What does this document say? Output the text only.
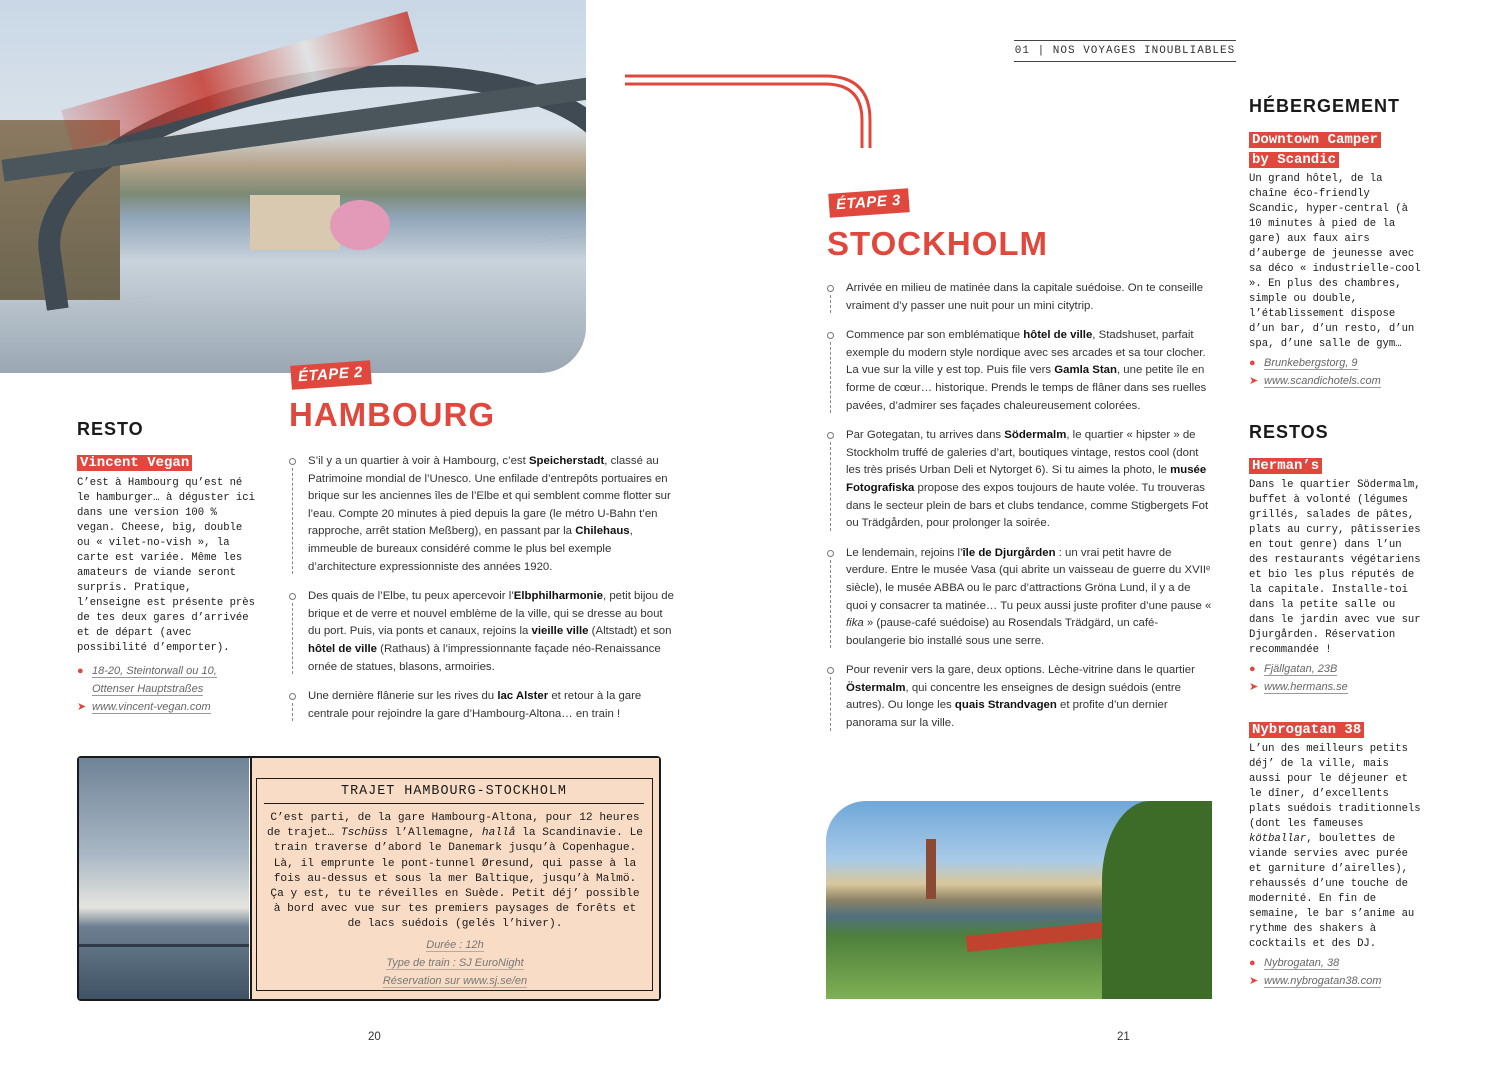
ÉTAPE 2
HAMBOURG
RESTO
Vincent Vegan
C’est à Hambourg qu’est né le hamburger… à déguster ici dans une version 100 % vegan. Cheese, big, double ou « vilet-no-vish », la carte est variée. Même les amateurs de viande seront surpris. Pratique, l’enseigne est présente près de tes deux gares d’arrivée et de départ (avec possibilité d’emporter).
● 18-20, Steintorwall ou 10,
Ottenser Hauptstraßes
➤ www.vincent-vegan.com
S’il y a un quartier à voir à Hambourg, c’est Speicherstadt, classé au Patrimoine mondial de l’Unesco. Une enfilade d’entrepôts portuaires en brique sur les anciennes îles de l’Elbe et qui semblent comme flotter sur l’eau. Compte 20 minutes à pied depuis la gare (le métro U-Bahn t’en rapproche, arrêt station Meßberg), en passant par la Chilehaus, immeuble de bureaux considéré comme le plus bel exemple d’architecture expressionniste des années 1920.
Des quais de l’Elbe, tu peux apercevoir l’Elbphilharmonie, petit bijou de brique et de verre et nouvel emblème de la ville, qui se dresse au bout du port. Puis, via ponts et canaux, rejoins la vieille ville (Altstadt) et son hôtel de ville (Rathaus) à l’impressionnante façade néo-Renaissance ornée de statues, blasons, armoiries.
Une dernière flânerie sur les rives du lac Alster et retour à la gare centrale pour rejoindre la gare d’Hambourg-Altona… en train !
TRAJET HAMBOURG-STOCKHOLM
C’est parti, de la gare Hambourg-Altona, pour 12 heures de trajet… Tschüss l’Allemagne, hallå la Scandinavie. Le train traverse d’abord le Danemark jusqu’à Copenhague. Là, il emprunte le pont-tunnel Øresund, qui passe à la fois au-dessus et sous la mer Baltique, jusqu’à Malmö. Ça y est, tu te réveilles en Suède. Petit déj’ possible à bord avec vue sur tes premiers paysages de forêts et de lacs suédois (gelés l’hiver).
Durée : 12h
Type de train : SJ EuroNight
Réservation sur www.sj.se/en
20
01 | NOS VOYAGES INOUBLIABLES
ÉTAPE 3
STOCKHOLM
Arrivée en milieu de matinée dans la capitale suédoise. On te conseille vraiment d’y passer une nuit pour un mini citytrip.
Commence par son emblématique hôtel de ville, Stadshuset, parfait exemple du modern style nordique avec ses arcades et sa tour clocher. La vue sur la ville y est top. Puis file vers Gamla Stan, une petite île en forme de cœur… historique. Prends le temps de flâner dans ses ruelles pavées, d’admirer ses façades chaleureusement colorées.
Par Gotegatan, tu arrives dans Södermalm, le quartier « hipster » de Stockholm truffé de galeries d’art, boutiques vintage, restos cool (dont les très prisés Urban Deli et Nytorget 6). Si tu aimes la photo, le musée Fotografiska propose des expos toujours de haute volée. Tu trouveras dans le secteur plein de bars et clubs tendance, comme Stigbergets Fot ou Trädgården, pour prolonger la soirée.
Le lendemain, rejoins l’île de Djurgården : un vrai petit havre de verdure. Entre le musée Vasa (qui abrite un vaisseau de guerre du XVIIᵉ siècle), le musée ABBA ou le parc d’attractions Gröna Lund, il y a de quoi y consacrer ta matinée… Tu peux aussi juste profiter d’une pause « fika » (pause-café suédoise) au Rosendals Trädgärd, un café-boulangerie bio installé sous une serre.
Pour revenir vers la gare, deux options. Lèche-vitrine dans le quartier Östermalm, qui concentre les enseignes de design suédois (entre autres). Ou longe les quais Strandvagen et profite d’un dernier panorama sur la ville.
HÉBERGEMENT
Downtown Camper
by Scandic
Un grand hôtel, de la chaîne éco-friendly Scandic, hyper-central (à 10 minutes à pied de la gare) aux faux airs d’auberge de jeunesse avec sa déco « industrielle-cool ». En plus des chambres, simple ou double, l’établissement dispose d’un bar, d’un resto, d’un spa, d’une salle de gym…
● Brunkebergstorg, 9
➤ www.scandichotels.com
RESTOS
Herman’s
Dans le quartier Södermalm, buffet à volonté (légumes grillés, salades de pâtes, plats au curry, pâtisseries en tout genre) dans l’un des restaurants végétariens et bio les plus réputés de la capitale. Installe-toi dans la petite salle ou dans le jardin avec vue sur Djurgården. Réservation recommandée !
● Fjällgatan, 23B
➤ www.hermans.se
Nybrogatan 38
L’un des meilleurs petits déj’ de la ville, mais aussi pour le déjeuner et le dîner, d’excellents plats suédois traditionnels (dont les fameuses kötballar, boulettes de viande servies avec purée et garniture d’airelles), rehaussés d’une touche de modernité. En fin de semaine, le bar s’anime au rythme des shakers à cocktails et des DJ.
● Nybrogatan, 38
➤ www.nybrogatan38.com
21
